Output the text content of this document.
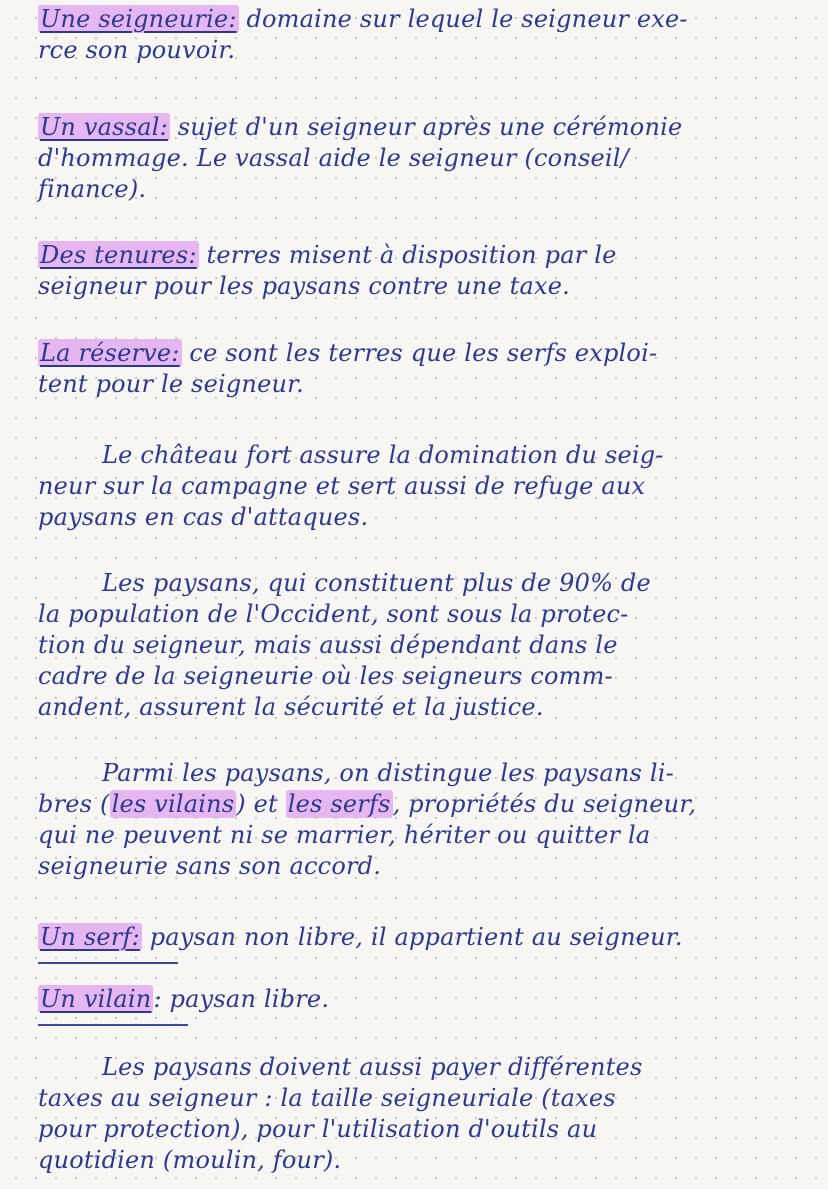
Une seigneurie: domaine sur lequel le seigneur exe-
rce son pouvoir.
Un vassal: sujet d'un seigneur après une cérémonie
d'hommage. Le vassal aide le seigneur (conseil/
finance).
Des tenures: terres misent à disposition par le
seigneur pour les paysans contre une taxe.
La réserve: ce sont les terres que les serfs exploi-
tent pour le seigneur.
Le château fort assure la domination du seig-
neur sur la campagne et sert aussi de refuge aux
paysans en cas d'attaques.
Les paysans, qui constituent plus de 90% de
la population de l'Occident, sont sous la protec-
tion du seigneur, mais aussi dépendant dans le
cadre de la seigneurie où les seigneurs comm-
andent, assurent la sécurité et la justice.
Parmi les paysans, on distingue les paysans li-
bres (les vilains) et les serfs, propriétés du seigneur,
qui ne peuvent ni se marrier, hériter ou quitter la
seigneurie sans son accord.
Un serf: paysan non libre, il appartient au seigneur.
Un vilain: paysan libre.
Les paysans doivent aussi payer différentes
taxes au seigneur : la taille seigneuriale (taxes
pour protection), pour l'utilisation d'outils au
quotidien (moulin, four).
